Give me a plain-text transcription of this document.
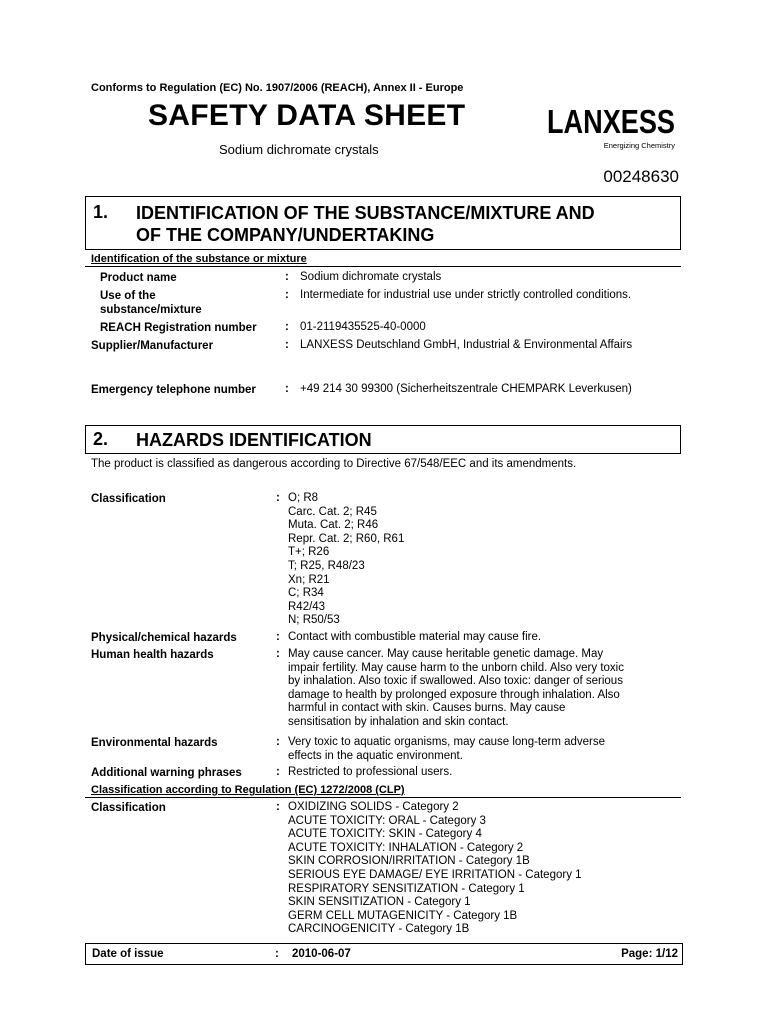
Conforms to Regulation (EC) No. 1907/2006 (REACH), Annex II - Europe
SAFETY DATA SHEET
Sodium dichromate crystals
LANXESS
Energizing Chemistry
00248630
1. IDENTIFICATION OF THE SUBSTANCE/MIXTURE AND
OF THE COMPANY/UNDERTAKING
Identification of the substance or mixture
Product name	: Sodium dichromate crystals
Use of the
substance/mixture
: Intermediate for industrial use under strictly controlled conditions.
REACH Registration number : 01-2119435525-40-0000
Supplier/Manufacturer	: LANXESS Deutschland GmbH, Industrial & Environmental Affairs
Emergency telephone number	: +49 214 30 99300 (Sicherheitszentrale CHEMPARK Leverkusen)
2. HAZARDS IDENTIFICATION
The product is classified as dangerous according to Directive 67/548/EEC and its amendments.
Classification	: O; R8
Carc. Cat. 2; R45
Muta. Cat. 2; R46
Repr. Cat. 2; R60, R61
T+; R26
T; R25, R48/23
Xn; R21
C; R34
R42/43
N; R50/53
Physical/chemical hazards	: Contact with combustible material may cause fire.
Human health hazards	: May cause cancer. May cause heritable genetic damage. May
impair fertility. May cause harm to the unborn child. Also very toxic
by inhalation. Also toxic if swallowed. Also toxic: danger of serious
damage to health by prolonged exposure through inhalation. Also
harmful in contact with skin. Causes burns. May cause
sensitisation by inhalation and skin contact.
Environmental hazards	: Very toxic to aquatic organisms, may cause long-term adverse
effects in the aquatic environment.
Additional warning phrases	: Restricted to professional users.
Classification according to Regulation (EC) 1272/2008 (CLP)
Classification	: OXIDIZING SOLIDS - Category 2
ACUTE TOXICITY: ORAL - Category 3
ACUTE TOXICITY: SKIN - Category 4
ACUTE TOXICITY: INHALATION - Category 2
SKIN CORROSION/IRRITATION - Category 1B
SERIOUS EYE DAMAGE/ EYE IRRITATION - Category 1
RESPIRATORY SENSITIZATION - Category 1
SKIN SENSITIZATION - Category 1
GERM CELL MUTAGENICITY - Category 1B
CARCINOGENICITY - Category 1B
Date of issue	: 2010-06-07	Page: 1/12
